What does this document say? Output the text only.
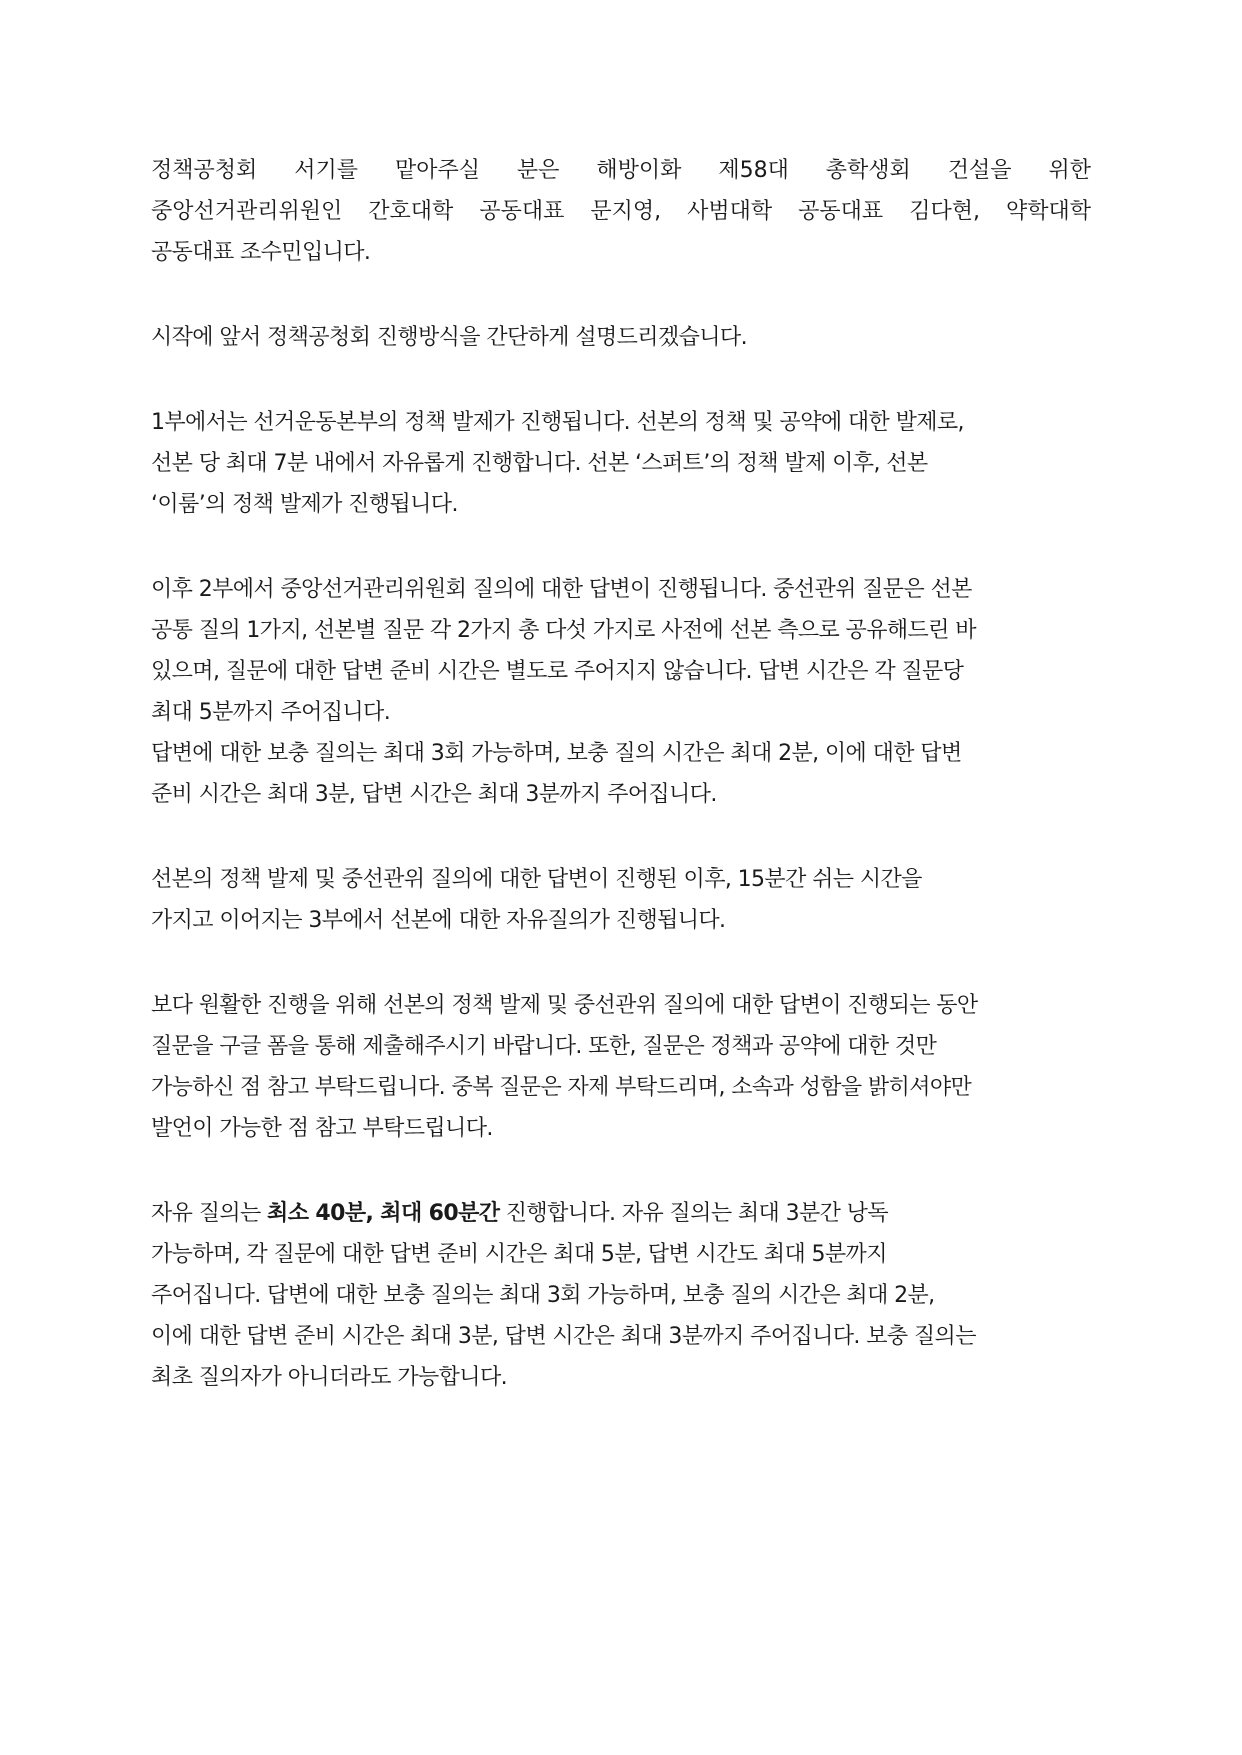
정책공청회 서기를 맡아주실 분은 해방이화 제58대 총학생회 건설을 위한
중앙선거관리위원인 간호대학 공동대표 문지영, 사범대학 공동대표 김다현, 약학대학
공동대표 조수민입니다.
시작에 앞서 정책공청회 진행방식을 간단하게 설명드리겠습니다.
1부에서는 선거운동본부의 정책 발제가 진행됩니다. 선본의 정책 및 공약에 대한 발제로,
선본 당 최대 7분 내에서 자유롭게 진행합니다. 선본 ‘스퍼트’의 정책 발제 이후, 선본
‘이룸’의 정책 발제가 진행됩니다.
이후 2부에서 중앙선거관리위원회 질의에 대한 답변이 진행됩니다. 중선관위 질문은 선본
공통 질의 1가지, 선본별 질문 각 2가지 총 다섯 가지로 사전에 선본 측으로 공유해드린 바
있으며, 질문에 대한 답변 준비 시간은 별도로 주어지지 않습니다. 답변 시간은 각 질문당
최대 5분까지 주어집니다.
답변에 대한 보충 질의는 최대 3회 가능하며, 보충 질의 시간은 최대 2분, 이에 대한 답변
준비 시간은 최대 3분, 답변 시간은 최대 3분까지 주어집니다.
선본의 정책 발제 및 중선관위 질의에 대한 답변이 진행된 이후, 15분간 쉬는 시간을
가지고 이어지는 3부에서 선본에 대한 자유질의가 진행됩니다.
보다 원활한 진행을 위해 선본의 정책 발제 및 중선관위 질의에 대한 답변이 진행되는 동안
질문을 구글 폼을 통해 제출해주시기 바랍니다. 또한, 질문은 정책과 공약에 대한 것만
가능하신 점 참고 부탁드립니다. 중복 질문은 자제 부탁드리며, 소속과 성함을 밝히셔야만
발언이 가능한 점 참고 부탁드립니다.
자유 질의는 최소 40분, 최대 60분간 진행합니다. 자유 질의는 최대 3분간 낭독
가능하며, 각 질문에 대한 답변 준비 시간은 최대 5분, 답변 시간도 최대 5분까지
주어집니다. 답변에 대한 보충 질의는 최대 3회 가능하며, 보충 질의 시간은 최대 2분,
이에 대한 답변 준비 시간은 최대 3분, 답변 시간은 최대 3분까지 주어집니다. 보충 질의는
최초 질의자가 아니더라도 가능합니다.
